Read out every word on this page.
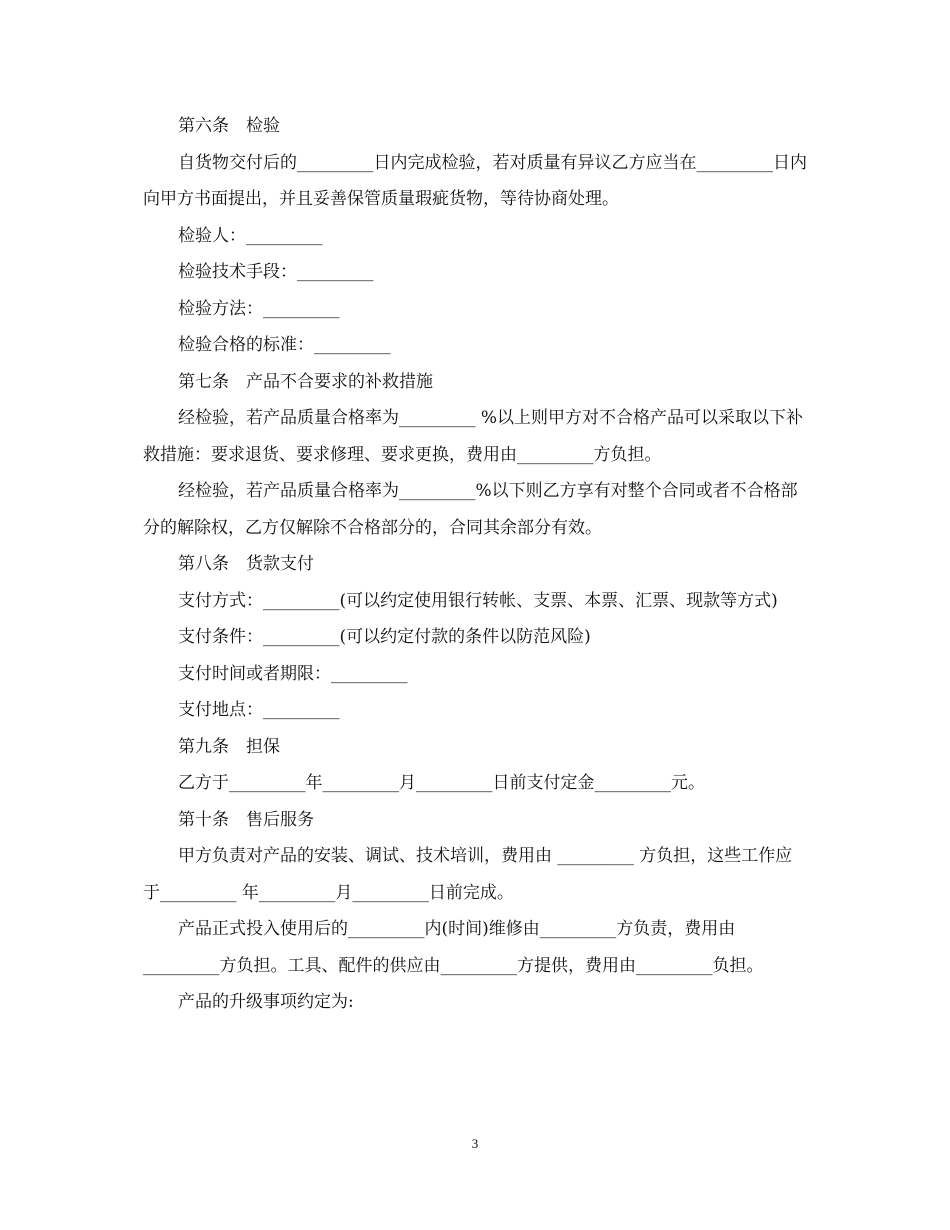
第六条　检验

自货物交付后的_________日内完成检验，若对质量有异议乙方应当在_________日内向甲方书面提出，并且妥善保管质量瑕疵货物，等待协商处理。

检验人：_________

检验技术手段：_________

检验方法：_________

检验合格的标准：_________

第七条　产品不合要求的补救措施

经检验，若产品质量合格率为_________ %以上则甲方对不合格产品可以采取以下补救措施：要求退货、要求修理、要求更换，费用由_________方负担。

经检验，若产品质量合格率为_________%以下则乙方享有对整个合同或者不合格部分的解除权，乙方仅解除不合格部分的，合同其余部分有效。

第八条　货款支付

支付方式：_________(可以约定使用银行转帐、支票、本票、汇票、现款等方式)

支付条件：_________(可以约定付款的条件以防范风险)

支付时间或者期限：_________

支付地点：_________

第九条　担保

乙方于_________年_________月_________日前支付定金_________元。

第十条　售后服务

甲方负责对产品的安装、调试、技术培训，费用由 _________ 方负担，这些工作应于_________ 年_________月_________日前完成。

产品正式投入使用后的_________内(时间)维修由_________方负责，费用由_________方负担。工具、配件的供应由_________方提供，费用由_________负担。

产品的升级事项约定为:

3
